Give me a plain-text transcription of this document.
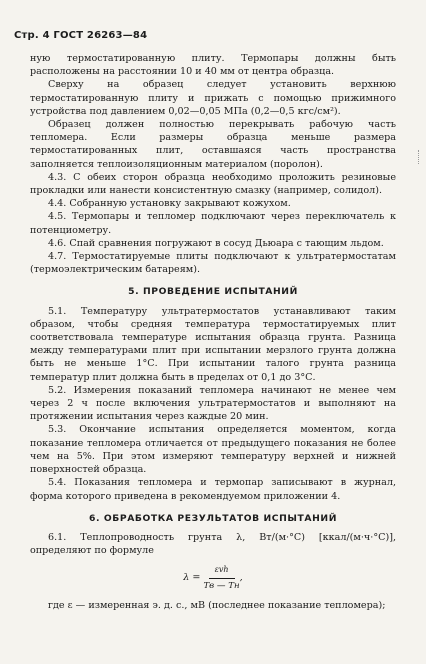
Стр. 4 ГОСТ 26263—84

ную термостатированную плиту. Термопары должны быть расположены на расстоянии 10 и 40 мм от центра образца.

Сверху на образец следует установить верхнюю термостатированную плиту и прижать с помощью прижимного устройства под давлением 0,02—0,05 МПа (0,2—0,5 кгс/см²).

Образец должен полностью перекрывать рабочую часть тепломера. Если размеры образца меньше размера термостатированных плит, оставшаяся часть пространства заполняется теплоизоляционным материалом (поролон).

4.3. С обеих сторон образца необходимо проложить резиновые прокладки или нанести консистентную смазку (например, солидол).

4.4. Собранную установку закрывают кожухом.

4.5. Термопары и тепломер подключают через переключатель к потенциометру.

4.6. Спай сравнения погружают в сосуд Дьюара с тающим льдом.

4.7. Термостатируемые плиты подключают к ультратермостатам (термоэлектрическим батареям).

5. ПРОВЕДЕНИЕ ИСПЫТАНИЙ

5.1. Температуру ультратермостатов устанавливают таким образом, чтобы средняя температура термостатируемых плит соответствовала температуре испытания образца грунта. Разница между температурами плит при испытании мерзлого грунта должна быть не меньше 1°С. При испытании талого грунта разница температур плит должна быть в пределах от 0,1 до 3°С.

5.2. Измерения показаний тепломера начинают не менее чем через 2 ч после включения ультратермостатов и выполняют на протяжении испытания через каждые 20 мин.

5.3. Окончание испытания определяется моментом, когда показание тепломера отличается от предыдущего показания не более чем на 5%. При этом измеряют температуру верхней и нижней поверхностей образца.

5.4. Показания тепломера и термопар записывают в журнал, форма которого приведена в рекомендуемом приложении 4.

6. ОБРАБОТКА РЕЗУЛЬТАТОВ ИСПЫТАНИЙ

6.1. Теплопроводность грунта λ, Вт/(м·°С) [ккал/(м·ч·°С)], определяют по формуле

$\lambda = \frac{\text{εvh}}{Тв — Тн}$ ,

где ε — измеренная э. д. с., мВ (последнее показание тепломера);
